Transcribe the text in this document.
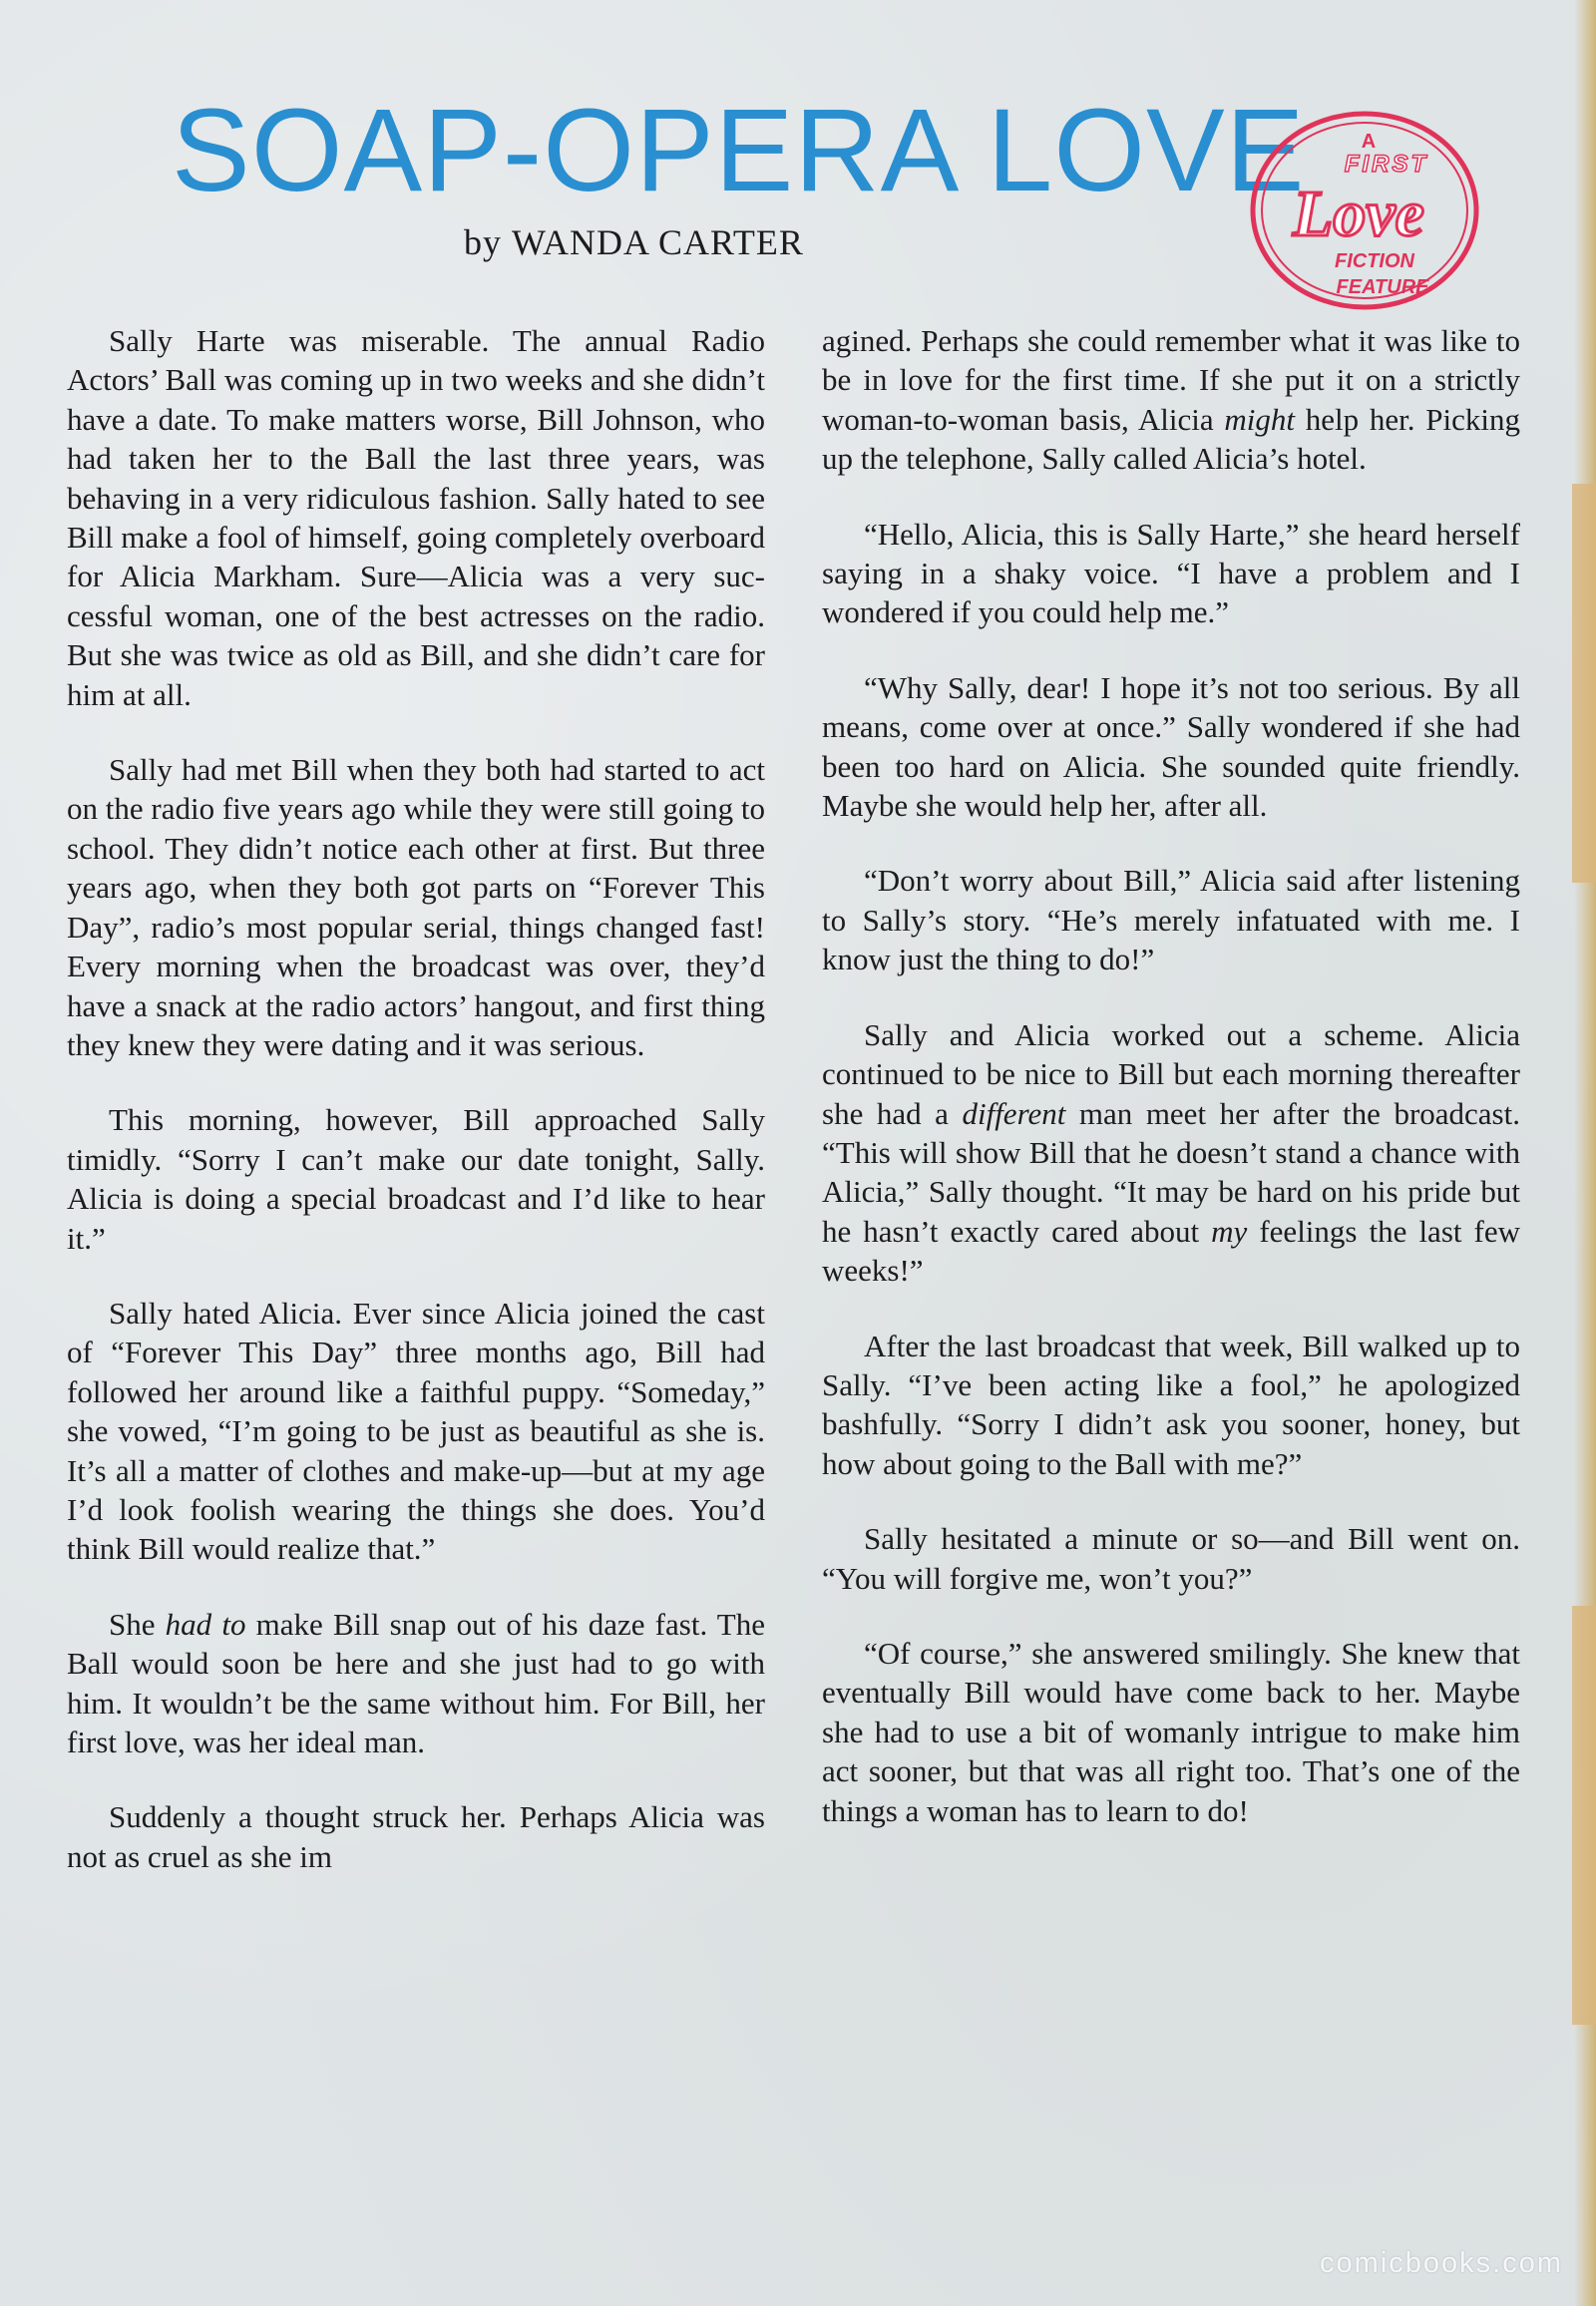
SOAP-OPERA LOVE
by WANDA CARTER
A
FIRST
Love
FICTION
FEATURE

Sally Harte was miserable. The annual Radio Actors’ Ball was coming up in two weeks and she didn’t have a date. To make matters worse, Bill Johnson, who had taken her to the Ball the last three years, was behaving in a very ridiculous fashion. Sally hated to see Bill make a fool of himself, going completely overboard for Alicia Markham. Sure—Alicia was a very successful woman, one of the best actresses on the radio. But she was twice as old as Bill, and she didn’t care for him at all.

Sally had met Bill when they both had started to act on the radio five years ago while they were still going to school. They didn’t notice each other at first. But three years ago, when they both got parts on “Forever This Day”, radio’s most popular serial, things changed fast! Every morning when the broadcast was over, they’d have a snack at the radio actors’ hangout, and first thing they knew they were dating and it was serious.

This morning, however, Bill approached Sally timidly. “Sorry I can’t make our date tonight, Sally. Alicia is doing a special broadcast and I’d like to hear it.”

Sally hated Alicia. Ever since Alicia joined the cast of “Forever This Day” three months ago, Bill had followed her around like a faithful puppy. “Someday,” she vowed, “I’m going to be just as beautiful as she is. It’s all a matter of clothes and make-up—but at my age I’d look foolish wearing the things she does. You’d think Bill would realize that.”

She had to make Bill snap out of his daze fast. The Ball would soon be here and she just had to go with him. It wouldn’t be the same without him. For Bill, her first love, was her ideal man.

Suddenly a thought struck her. Perhaps Alicia was not as cruel as she im

agined. Perhaps she could remember what it was like to be in love for the first time. If she put it on a strictly woman-to-woman basis, Alicia might help her. Picking up the telephone, Sally called Alicia’s hotel.

“Hello, Alicia, this is Sally Harte,” she heard herself saying in a shaky voice. “I have a problem and I wondered if you could help me.”

“Why Sally, dear! I hope it’s not too serious. By all means, come over at once.” Sally wondered if she had been too hard on Alicia. She sounded quite friendly. Maybe she would help her, after all.

“Don’t worry about Bill,” Alicia said after listening to Sally’s story. “He’s merely infatuated with me. I know just the thing to do!”

Sally and Alicia worked out a scheme. Alicia continued to be nice to Bill but each morning thereafter she had a different man meet her after the broadcast. “This will show Bill that he doesn’t stand a chance with Alicia,” Sally thought. “It may be hard on his pride but he hasn’t exactly cared about my feelings the last few weeks!”

After the last broadcast that week, Bill walked up to Sally. “I’ve been acting like a fool,” he apologized bashfully. “Sorry I didn’t ask you sooner, honey, but how about going to the Ball with me?”

Sally hesitated a minute or so—and Bill went on. “You will forgive me, won’t you?”

“Of course,” she answered smilingly. She knew that eventually Bill would have come back to her. Maybe she had to use a bit of womanly intrigue to make him act sooner, but that was all right too. That’s one of the things a woman has to learn to do!

comicbooks.com
